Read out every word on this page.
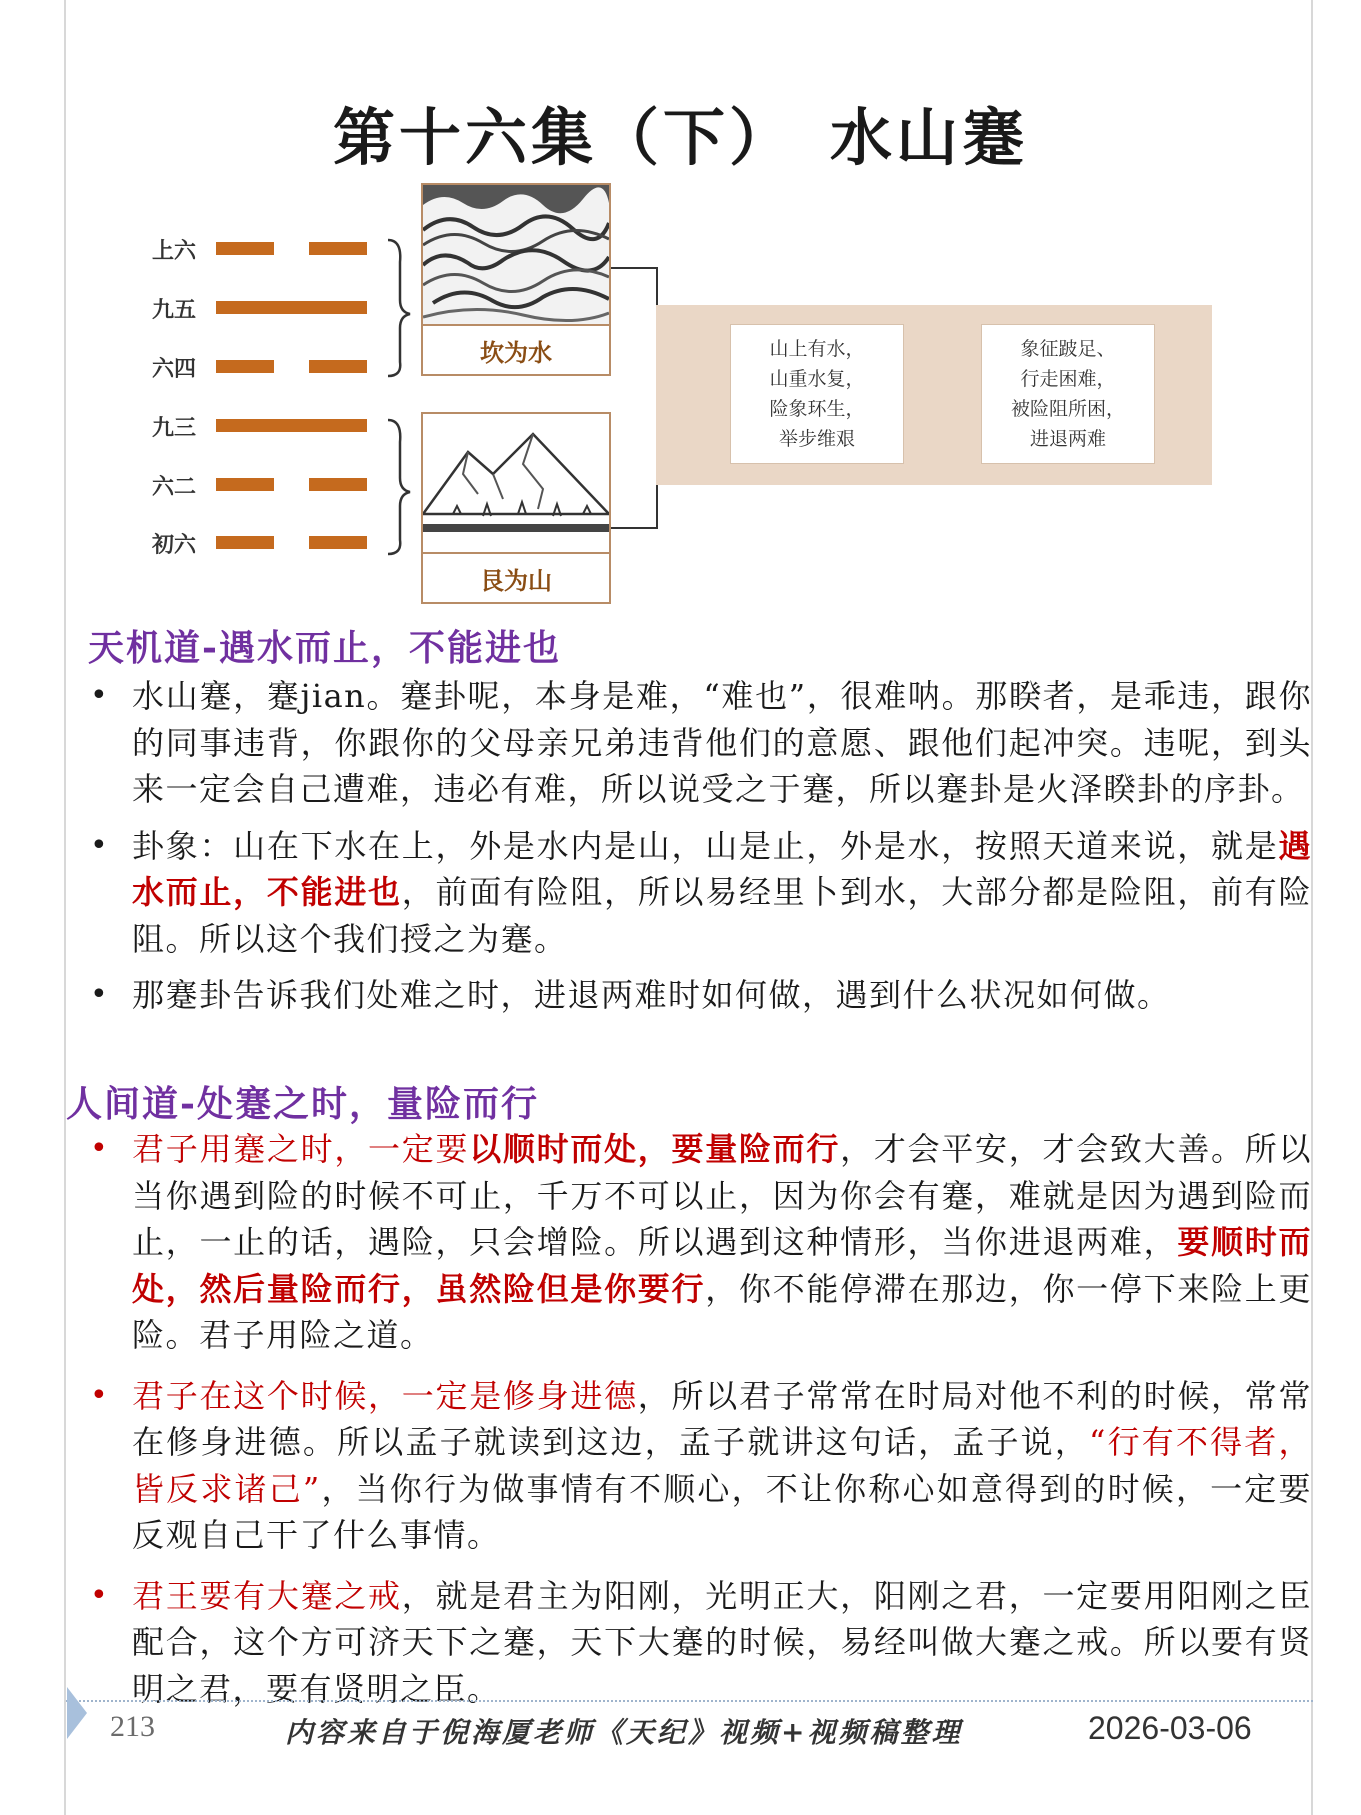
第十六集（下）　水山蹇
上六
九五
六四
九三
六二
初六
坎为水
艮为山
山上有水，
山重水复，
险象环生，
举步维艰
象征跛足、
行走困难，
被险阻所困，
进退两难
天机道-遇水而止，不能进也
• 水山蹇，蹇jian。蹇卦呢，本身是难，“难也”，很难呐。那睽者，是乖违，跟你的同事违背，你跟你的父母亲兄弟违背他们的意愿、跟他们起冲突。违呢，到头来一定会自己遭难，违必有难，所以说受之于蹇，所以蹇卦是火泽睽卦的序卦。
• 卦象：山在下水在上，外是水内是山，山是止，外是水，按照天道来说，就是遇水而止，不能进也，前面有险阻，所以易经里卜到水，大部分都是险阻，前有险阻。所以这个我们授之为蹇。
• 那蹇卦告诉我们处难之时，进退两难时如何做，遇到什么状况如何做。
人间道-处蹇之时，量险而行
• 君子用蹇之时，一定要以顺时而处，要量险而行，才会平安，才会致大善。所以当你遇到险的时候不可止，千万不可以止，因为你会有蹇，难就是因为遇到险而止，一止的话，遇险，只会增险。所以遇到这种情形，当你进退两难，要顺时而处，然后量险而行，虽然险但是你要行，你不能停滞在那边，你一停下来险上更险。君子用险之道。
• 君子在这个时候，一定是修身进德，所以君子常常在时局对他不利的时候，常常在修身进德。所以孟子就读到这边，孟子就讲这句话，孟子说，“行有不得者，皆反求诸己”，当你行为做事情有不顺心，不让你称心如意得到的时候，一定要反观自己干了什么事情。
• 君王要有大蹇之戒，就是君主为阳刚，光明正大，阳刚之君，一定要用阳刚之臣配合，这个方可济天下之蹇，天下大蹇的时候，易经叫做大蹇之戒。所以要有贤明之君，要有贤明之臣。
213	内容来自于倪海厦老师《天纪》视频+视频稿整理	2026-03-06
